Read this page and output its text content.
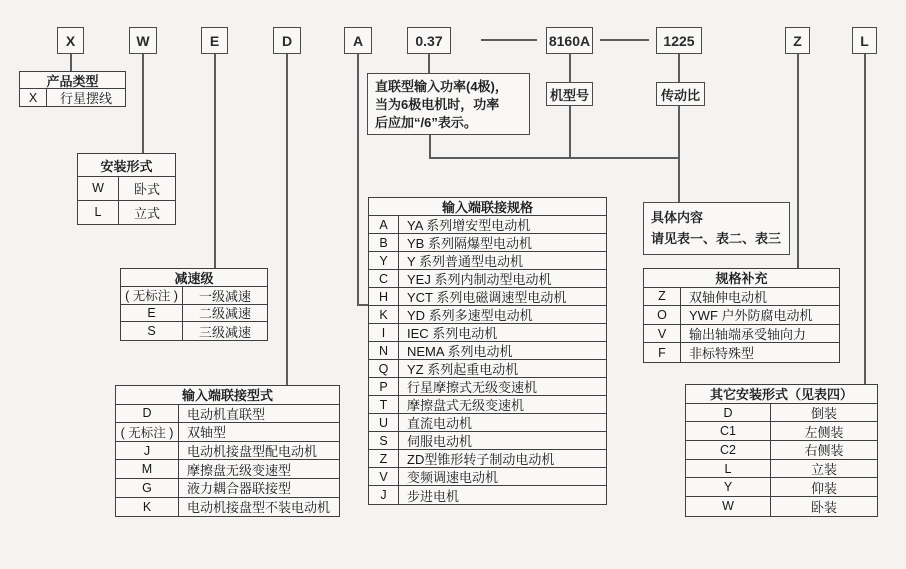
X	W	E	D	A	0.37	8160A	1225	Z	L
直联型输入功率(4极)，
当为6极电机时，功率
后应加“/6”表示。
机型号	传动比
具体内容
请见表一、表二、表三
产品类型
X	行星摆线
安装形式
W	卧式
L	立式
减速级
( 无标注 )	一级减速
E	二级减速
S	三级减速
输入端联接型式
D	电动机直联型
( 无标注 )	双轴型
J	电动机接盘型配电动机
M	摩擦盘无级变速型
G	液力耦合器联接型
K	电动机接盘型不装电动机
输入端联接规格
A	YA 系列增安型电动机
B	YB 系列隔爆型电动机
Y	Y 系列普通型电动机
C	YEJ 系列内制动型电动机
H	YCT 系列电磁调速型电动机
K	YD 系列多速型电动机
I	IEC 系列电动机
N	NEMA 系列电动机
Q	YZ 系列起重电动机
P	行星摩擦式无级变速机
T	摩擦盘式无级变速机
U	直流电动机
S	伺服电动机
Z	ZD型锥形转子制动电动机
V	变频调速电动机
J	步进电机
规格补充
Z	双轴伸电动机
O	YWF 户外防腐电动机
V	输出轴端承受轴向力
F	非标特殊型
其它安装形式（见表四）
D	倒装
C1	左侧装
C2	右侧装
L	立装
Y	仰装
W	卧装
